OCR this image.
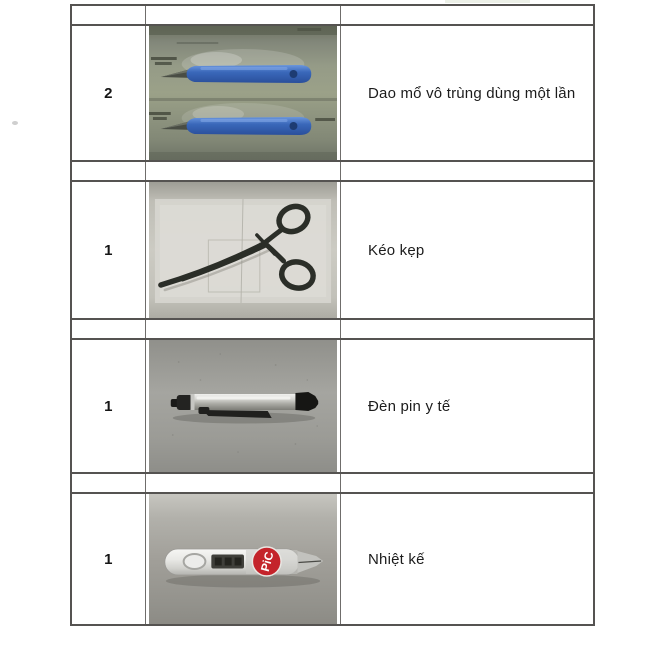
2	Dao mổ vô trùng dùng một lần
1	Kéo kẹp
1	Đèn pin y tế
1	PiC	Nhiệt kế
